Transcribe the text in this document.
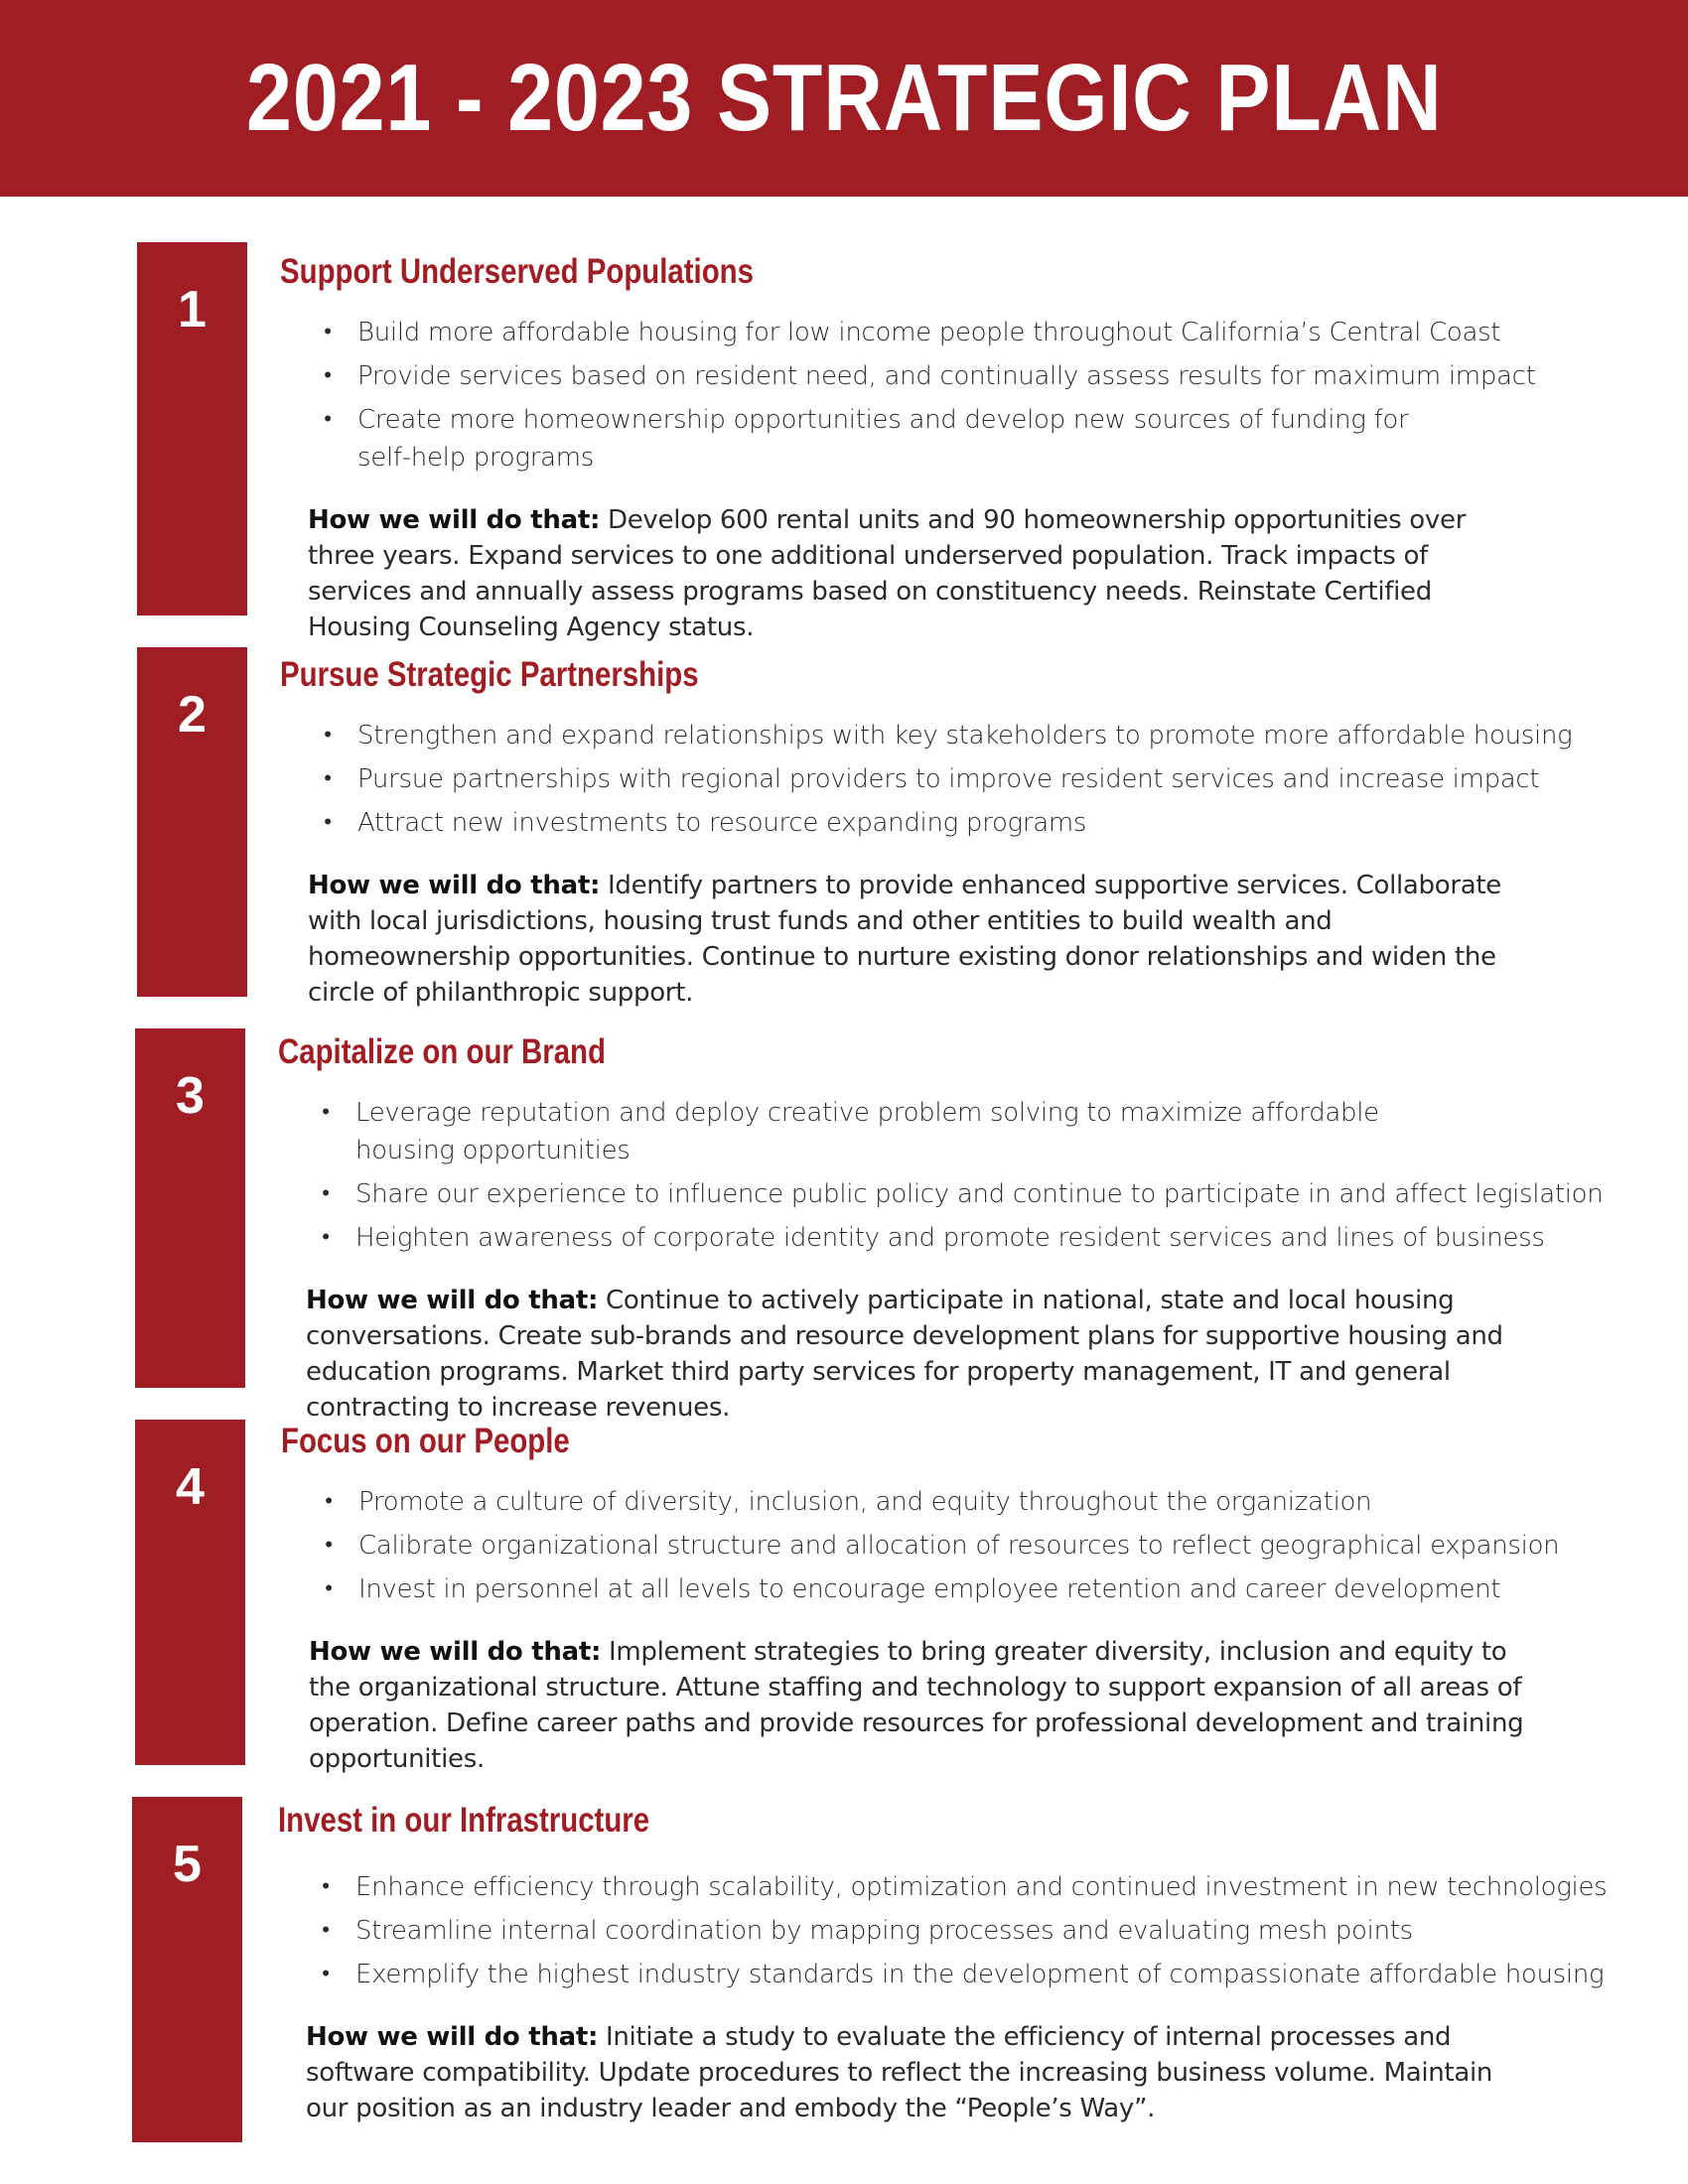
2021 - 2023 STRATEGIC PLAN
1
Support Underserved Populations
• Build more affordable housing for low income people throughout California’s Central Coast
• Provide services based on resident need, and continually assess results for maximum impact
• Create more homeownership opportunities and develop new sources of funding for self-help programs
How we will do that: Develop 600 rental units and 90 homeownership opportunities over three years. Expand services to one additional underserved population. Track impacts of services and annually assess programs based on constituency needs. Reinstate Certified Housing Counseling Agency status.
2
Pursue Strategic Partnerships
• Strengthen and expand relationships with key stakeholders to promote more affordable housing
• Pursue partnerships with regional providers to improve resident services and increase impact
• Attract new investments to resource expanding programs
How we will do that: Identify partners to provide enhanced supportive services. Collaborate with local jurisdictions, housing trust funds and other entities to build wealth and homeownership opportunities. Continue to nurture existing donor relationships and widen the circle of philanthropic support.
3
Capitalize on our Brand
• Leverage reputation and deploy creative problem solving to maximize affordable housing opportunities
• Share our experience to influence public policy and continue to participate in and affect legislation
• Heighten awareness of corporate identity and promote resident services and lines of business
How we will do that: Continue to actively participate in national, state and local housing conversations. Create sub-brands and resource development plans for supportive housing and education programs. Market third party services for property management, IT and general contracting to increase revenues.
4
Focus on our People
• Promote a culture of diversity, inclusion, and equity throughout the organization
• Calibrate organizational structure and allocation of resources to reflect geographical expansion
• Invest in personnel at all levels to encourage employee retention and career development
How we will do that: Implement strategies to bring greater diversity, inclusion and equity to the organizational structure. Attune staffing and technology to support expansion of all areas of operation. Define career paths and provide resources for professional development and training opportunities.
5
Invest in our Infrastructure
• Enhance efficiency through scalability, optimization and continued investment in new technologies
• Streamline internal coordination by mapping processes and evaluating mesh points
• Exemplify the highest industry standards in the development of compassionate affordable housing
How we will do that: Initiate a study to evaluate the efficiency of internal processes and software compatibility. Update procedures to reflect the increasing business volume. Maintain our position as an industry leader and embody the “People’s Way”.
